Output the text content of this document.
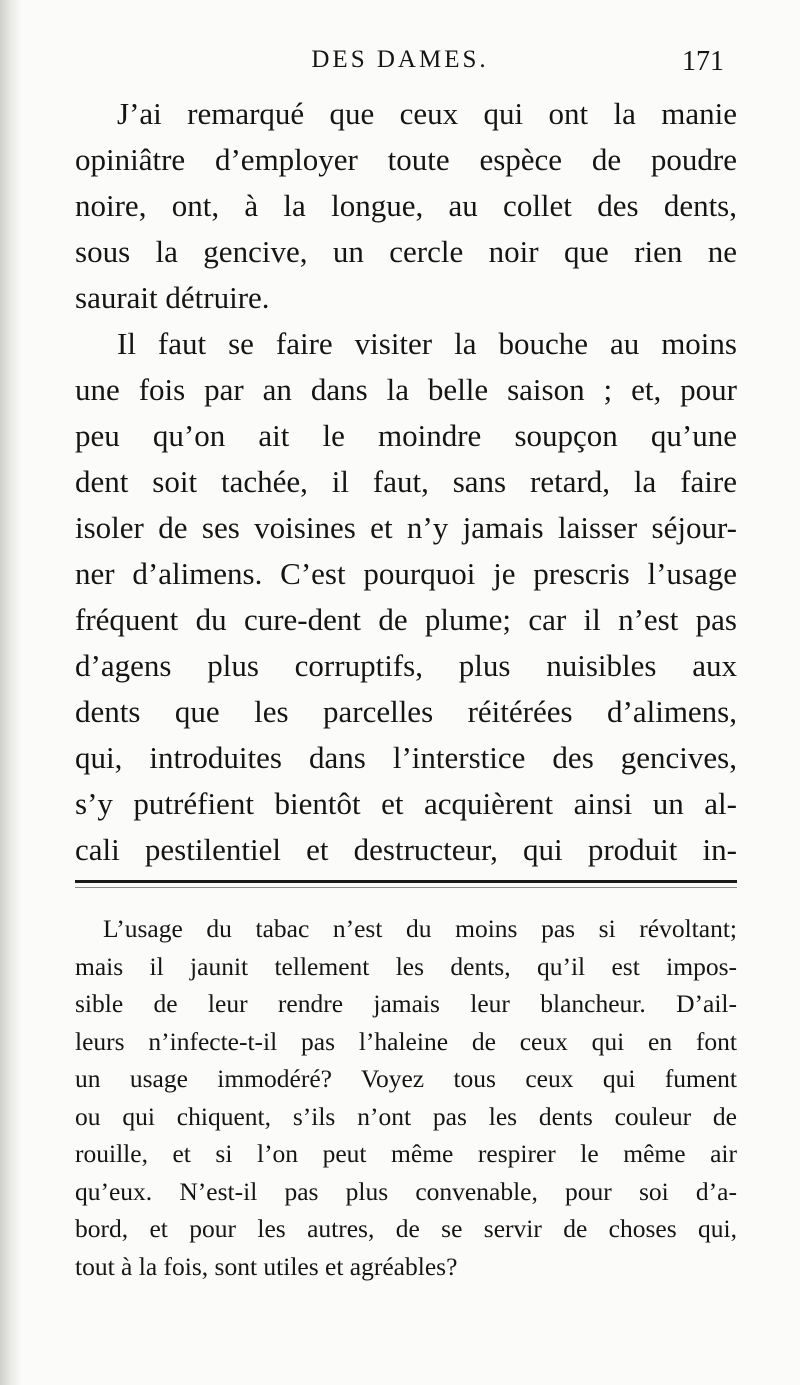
DES DAMES.	171
J’ai remarqué que ceux qui ont la manie
opiniâtre d’employer toute espèce de poudre
noire, ont, à la longue, au collet des dents,
sous la gencive, un cercle noir que rien ne
saurait détruire.
Il faut se faire visiter la bouche au moins
une fois par an dans la belle saison ; et, pour
peu qu’on ait le moindre soupçon qu’une
dent soit tachée, il faut, sans retard, la faire
isoler de ses voisines et n’y jamais laisser séjour-
ner d’alimens. C’est pourquoi je prescris l’usage
fréquent du cure-dent de plume; car il n’est pas
d’agens plus corruptifs, plus nuisibles aux
dents que les parcelles réitérées d’alimens,
qui, introduites dans l’interstice des gencives,
s’y putréfient bientôt et acquièrent ainsi un al-
cali pestilentiel et destructeur, qui produit in-
L’usage du tabac n’est du moins pas si révoltant;
mais il jaunit tellement les dents, qu’il est impos-
sible de leur rendre jamais leur blancheur. D’ail-
leurs n’infecte-t-il pas l’haleine de ceux qui en font
un usage immodéré? Voyez tous ceux qui fument
ou qui chiquent, s’ils n’ont pas les dents couleur de
rouille, et si l’on peut même respirer le même air
qu’eux. N’est-il pas plus convenable, pour soi d’a-
bord, et pour les autres, de se servir de choses qui,
tout à la fois, sont utiles et agréables?
